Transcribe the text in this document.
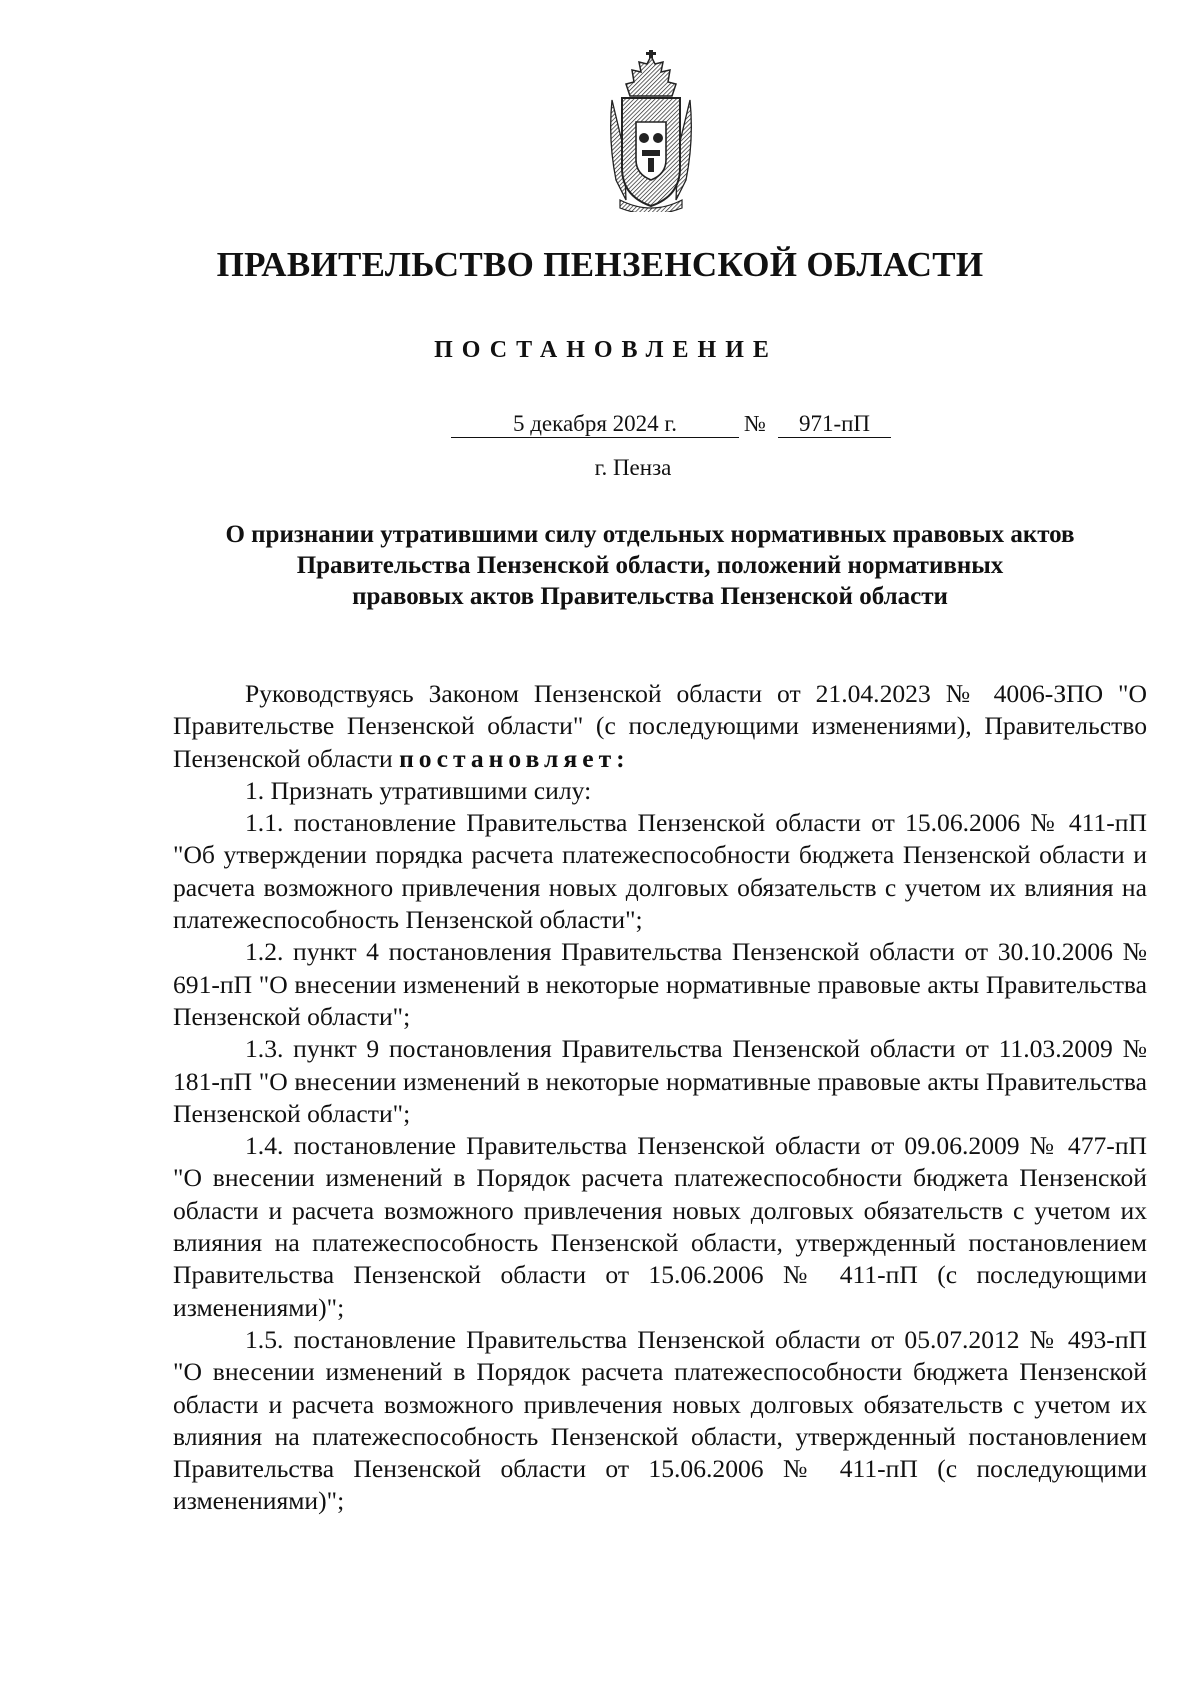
ПРАВИТЕЛЬСТВО ПЕНЗЕНСКОЙ ОБЛАСТИ
ПОСТАНОВЛЕНИЕ
5 декабря 2024 г.	№	971-пП
г. Пенза
О признании утратившими силу отдельных нормативных правовых актов
Правительства Пензенской области, положений нормативных
правовых актов Правительства Пензенской области

Руководствуясь Законом Пензенской области от 21.04.2023 № 4006-ЗПО "О Правительстве Пензенской области" (с последующими изменениями), Правительство Пензенской области постановляет:

1. Признать утратившими силу:

1.1. постановление Правительства Пензенской области от 15.06.2006 № 411-пП "Об утверждении порядка расчета платежеспособности бюджета Пензенской области и расчета возможного привлечения новых долговых обязательств с учетом их влияния на платежеспособность Пензенской области";

1.2. пункт 4 постановления Правительства Пензенской области от 30.10.2006 № 691-пП "О внесении изменений в некоторые нормативные правовые акты Правительства Пензенской области";

1.3. пункт 9 постановления Правительства Пензенской области от 11.03.2009 № 181-пП "О внесении изменений в некоторые нормативные правовые акты Правительства Пензенской области";

1.4. постановление Правительства Пензенской области от 09.06.2009 № 477-пП "О внесении изменений в Порядок расчета платежеспособности бюджета Пензенской области и расчета возможного привлечения новых долговых обязательств с учетом их влияния на платежеспособность Пензенской области, утвержденный постановлением Правительства Пензенской области от 15.06.2006 № 411-пП (с последующими изменениями)";

1.5. постановление Правительства Пензенской области от 05.07.2012 № 493-пП "О внесении изменений в Порядок расчета платежеспособности бюджета Пензенской области и расчета возможного привлечения новых долговых обязательств с учетом их влияния на платежеспособность Пензенской области, утвержденный постановлением Правительства Пензенской области от 15.06.2006 № 411-пП (с последующими изменениями)";
